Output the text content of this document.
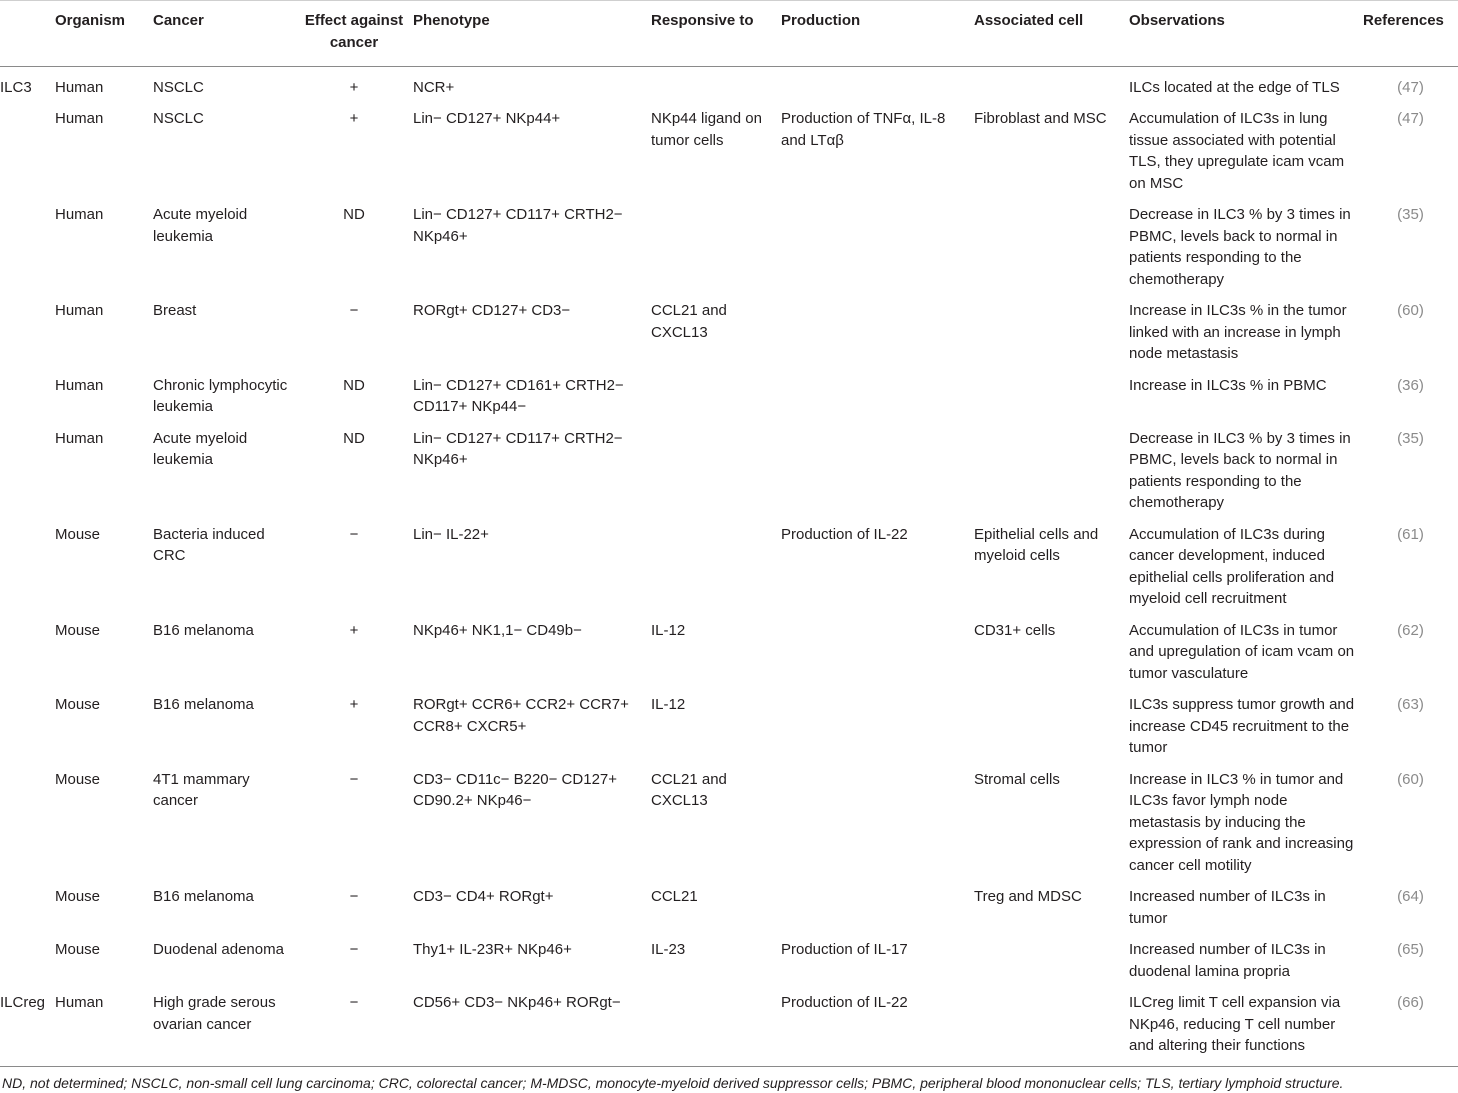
	Organism	Cancer	Effect against cancer	Phenotype	Responsive to	Production	Associated cell	Observations	References
ILC3	Human	NSCLC	+	NCR+				ILCs located at the edge of TLS	(47)
	Human	NSCLC	+	Lin− CD127+ NKp44+	NKp44 ligand on tumor cells	Production of TNFα, IL-8 and LTαβ	Fibroblast and MSC	Accumulation of ILC3s in lung tissue associated with potential TLS, they upregulate icam vcam on MSC	(47)
	Human	Acute myeloid leukemia	ND	Lin− CD127+ CD117+ CRTH2− NKp46+				Decrease in ILC3 % by 3 times in PBMC, levels back to normal in patients responding to the chemotherapy	(35)
	Human	Breast	−	RORgt+ CD127+ CD3−	CCL21 and CXCL13			Increase in ILC3s % in the tumor linked with an increase in lymph node metastasis	(60)
	Human	Chronic lymphocytic leukemia	ND	Lin− CD127+ CD161+ CRTH2− CD117+ NKp44−				Increase in ILC3s % in PBMC	(36)
	Human	Acute myeloid leukemia	ND	Lin− CD127+ CD117+ CRTH2− NKp46+				Decrease in ILC3 % by 3 times in PBMC, levels back to normal in patients responding to the chemotherapy	(35)
	Mouse	Bacteria induced CRC	−	Lin− IL-22+		Production of IL-22	Epithelial cells and myeloid cells	Accumulation of ILC3s during cancer development, induced epithelial cells proliferation and myeloid cell recruitment	(61)
	Mouse	B16 melanoma	+	NKp46+ NK1,1− CD49b−	IL-12		CD31+ cells	Accumulation of ILC3s in tumor and upregulation of icam vcam on tumor vasculature	(62)
	Mouse	B16 melanoma	+	RORgt+ CCR6+ CCR2+ CCR7+ CCR8+ CXCR5+	IL-12			ILC3s suppress tumor growth and increase CD45 recruitment to the tumor	(63)
	Mouse	4T1 mammary cancer	−	CD3− CD11c− B220− CD127+ CD90.2+ NKp46−	CCL21 and CXCL13		Stromal cells	Increase in ILC3 % in tumor and ILC3s favor lymph node metastasis by inducing the expression of rank and increasing cancer cell motility	(60)
	Mouse	B16 melanoma	−	CD3− CD4+ RORgt+	CCL21		Treg and MDSC	Increased number of ILC3s in tumor	(64)
	Mouse	Duodenal adenoma	−	Thy1+ IL-23R+ NKp46+	IL-23	Production of IL-17		Increased number of ILC3s in duodenal lamina propria	(65)
ILCreg	Human	High grade serous ovarian cancer	−	CD56+ CD3− NKp46+ RORgt−		Production of IL-22		ILCreg limit T cell expansion via NKp46, reducing T cell number and altering their functions	(66)
ND, not determined; NSCLC, non-small cell lung carcinoma; CRC, colorectal cancer; M-MDSC, monocyte-myeloid derived suppressor cells; PBMC, peripheral blood mononuclear cells; TLS, tertiary lymphoid structure.
